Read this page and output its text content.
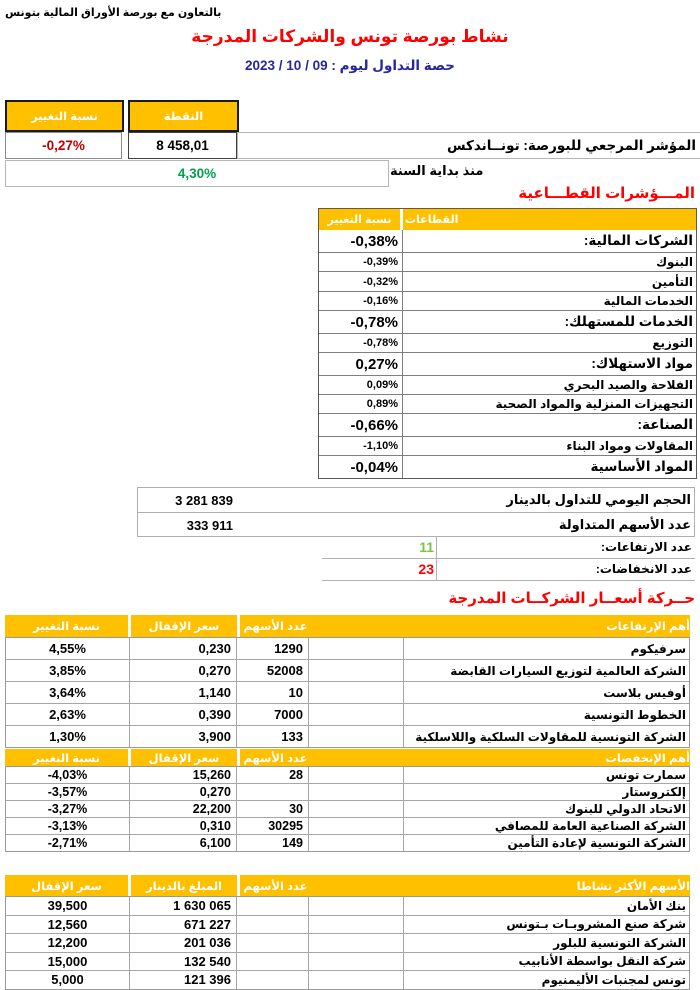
بالتعاون مع بورصة الأوراق المالية بتونس
نشاط بورصة تونس والشركات المدرجة
حصة التداول ليوم : 09 / 10 / 2023
نسبة التغيير	النقطة
-0,27%	8 458,01	المؤشر المرجعي للبورصة: تونــاندكس
4,30%	منذ بداية السنة
المـــؤشرات القطـــاعية
نسبة التغيير	القطاعات
-0,38%	الشركات المالية:
-0,39%	البنوك
-0,32%	التأمين
-0,16%	الخدمات المالية
-0,78%	الخدمات للمستهلك:
-0,78%	التوزيع
0,27%	مواد الاستهلاك:
0,09%	الفلاحة والصيد البحري
0,89%	التجهيزات المنزلية والمواد الصحية
-0,66%	الصناعة:
-1,10%	المقاولات ومواد البناء
-0,04%	المواد الأساسية
3 281 839	الحجم اليومي للتداول بالدينار
333 911	عدد الأسهم المتداولة
11	عدد الارتفاعات:
23	عدد الانخفاضات:
حــركة أسعــار الشركــات المدرجة
نسبة التغيير	سعر الإقفال	عدد الأسهم	أهم الإرتفاعات
4,55%	0,230	1290	سرفيكوم
3,85%	0,270	52008	الشركة العالمية لتوزيع السيارات القابضة
3,64%	1,140	10	أوفيس بلاست
2,63%	0,390	7000	الخطوط التونسية
1,30%	3,900	133	الشركة التونسية للمقاولات السلكية واللاسلكية
نسبة التغيير	سعر الإقفال	عدد الأسهم	أهم الإنخفضات
-4,03%	15,260	28	سمارت تونس
-3,57%	0,270	إلكتروستار
-3,27%	22,200	30	الاتحاد الدولي للبنوك
-3,13%	0,310	30295	الشركة الصناعية العامة للمصافي
-2,71%	6,100	149	الشركة التونسية لإعادة التأمين
سعر الإقفال	المبلغ بالدينار	عدد الأسهم	الأسهم الأكثر نشاطا
39,500	1 630 065	بنك الأمان
12,560	671 227	شركة صنع المشروبـات بـتونس
12,200	201 036	الشركة التونسية للبلور
15,000	132 540	شركة النقل بواسطة الأنابيب
5,000	121 396	تونس لمجنبات الأليمنيوم
